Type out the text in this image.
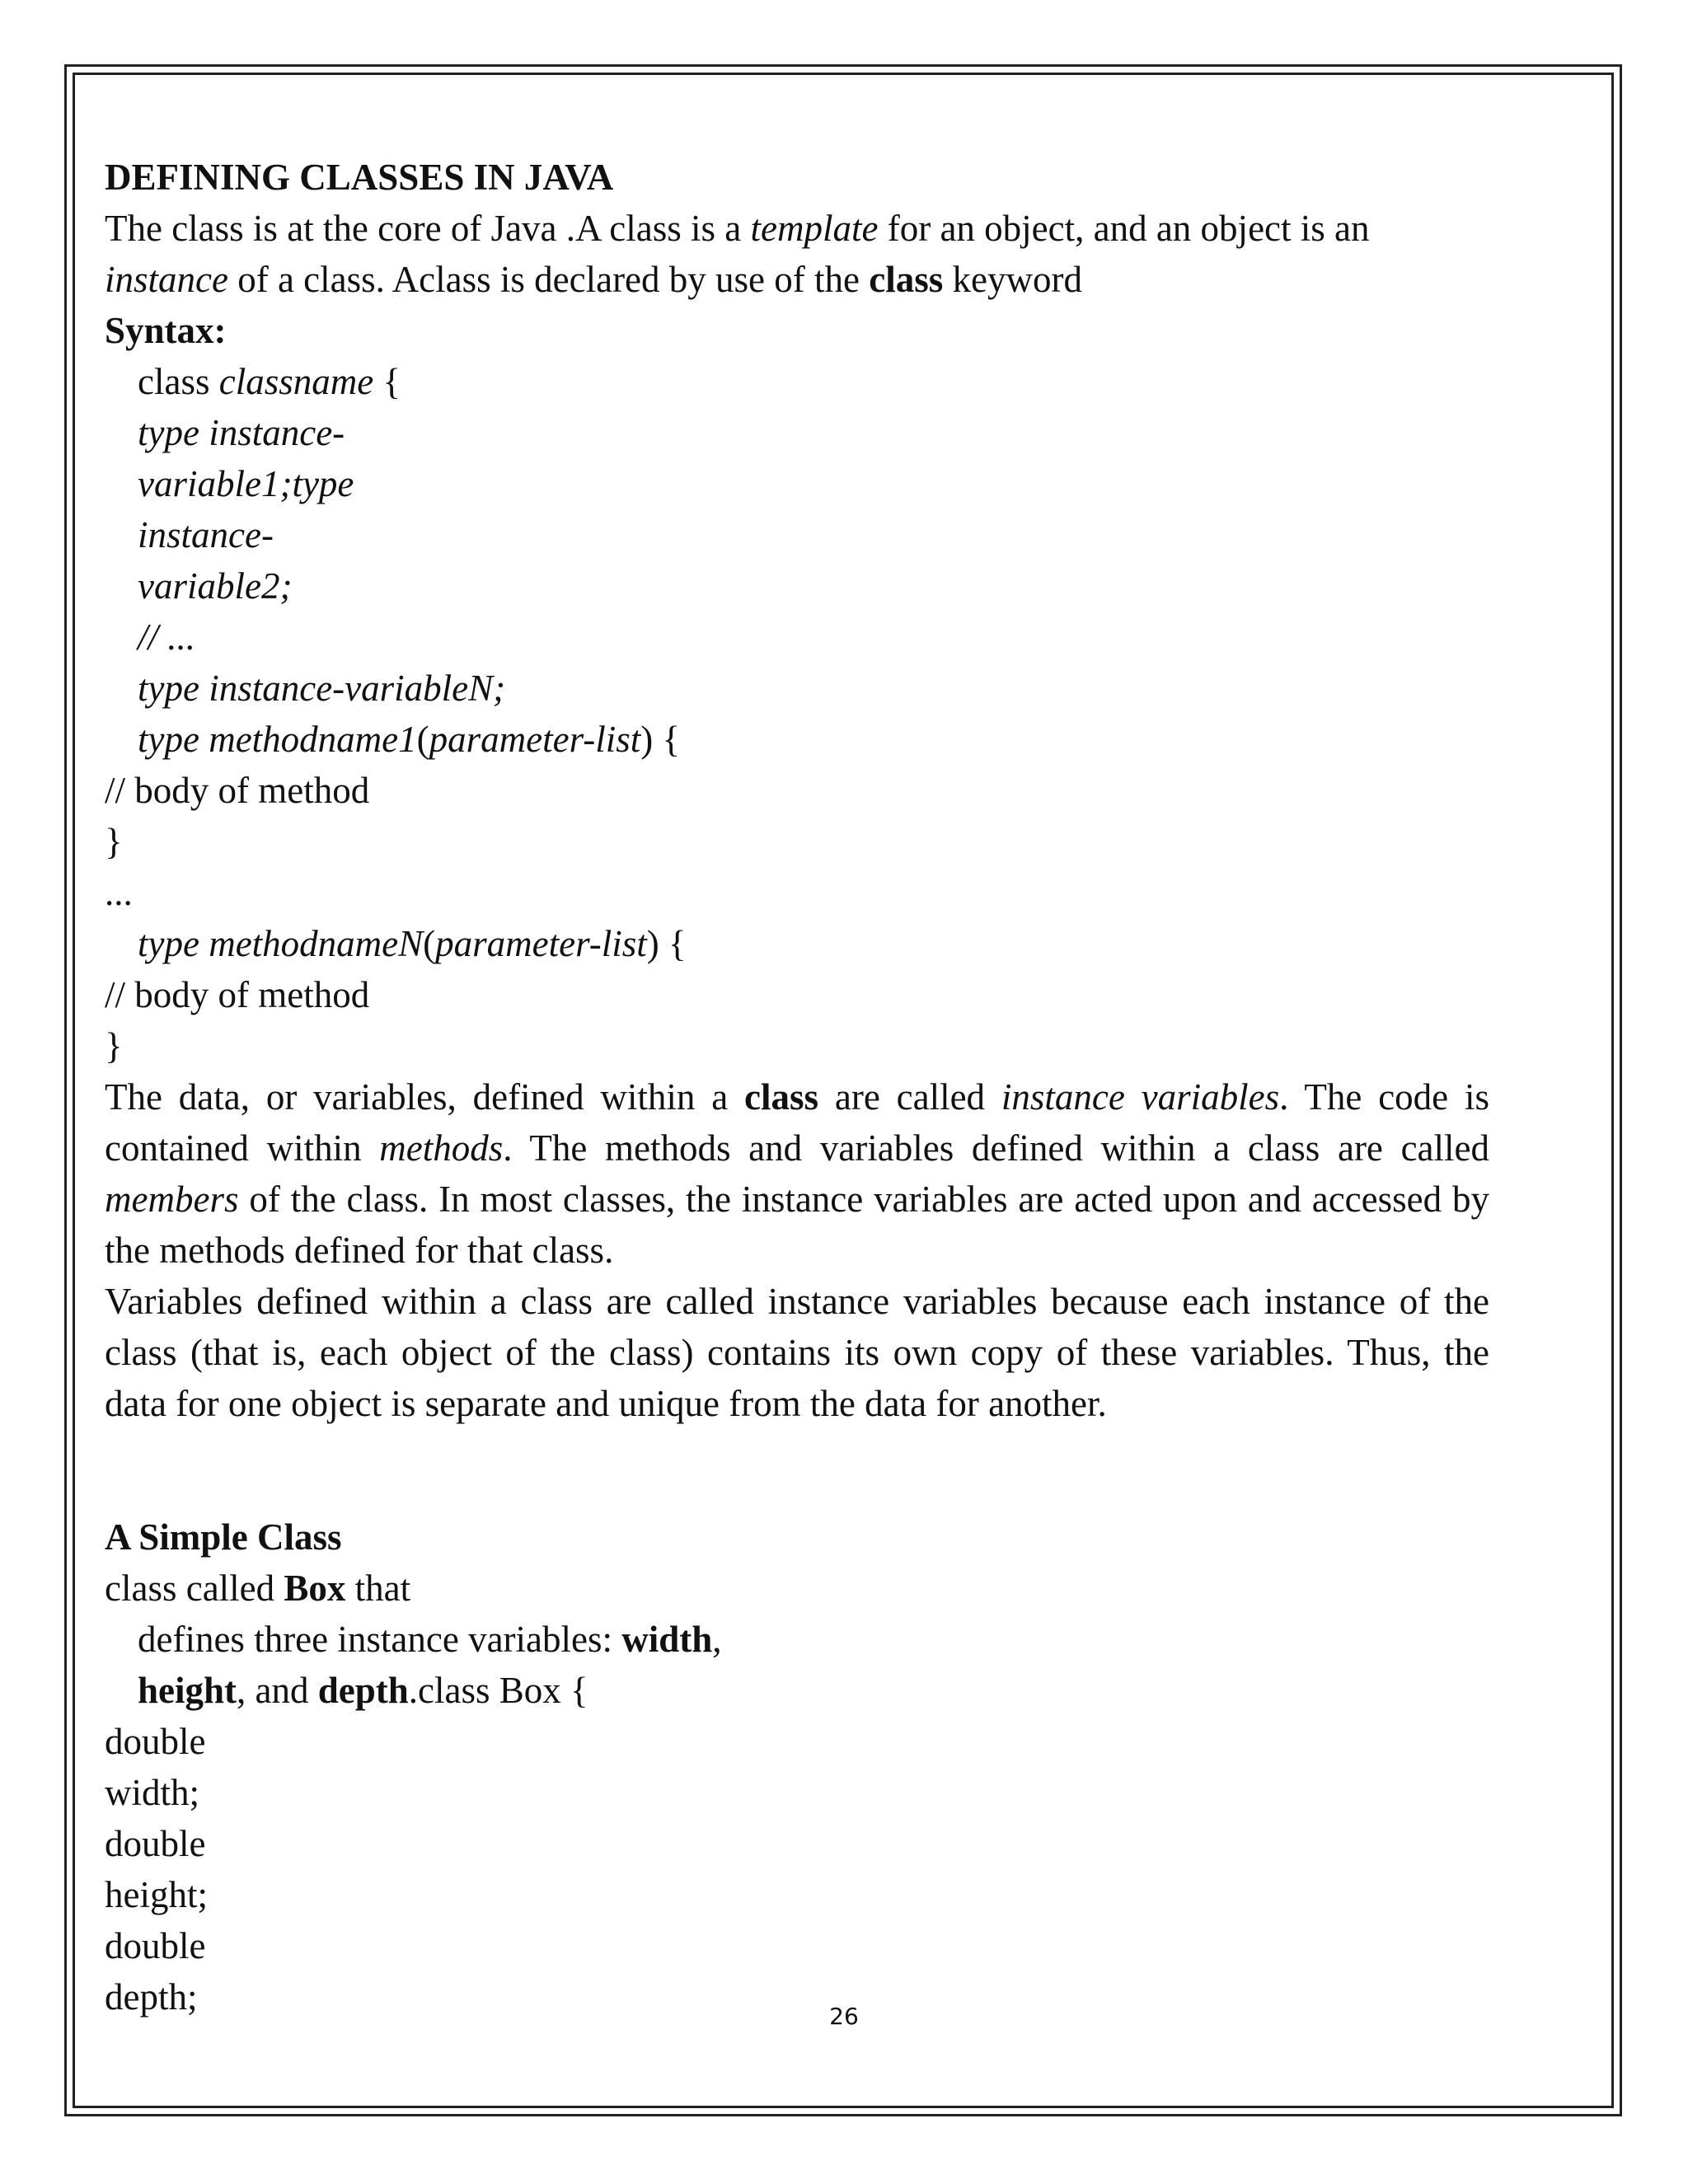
DEFINING CLASSES IN JAVA
The class is at the core of Java .A class is a template for an object, and an object is an
instance of a class. Aclass is declared by use of the class keyword
Syntax:
class classname {
type instance-
variable1;type
instance-
variable2;
// ...
type instance-variableN;
type methodname1(parameter-list) {
// body of method
}
...
type methodnameN(parameter-list) {
// body of method
}
The data, or variables, defined within a class are called instance variables. The code is contained within methods. The methods and variables defined within a class are called members of the class. In most classes, the instance variables are acted upon and accessed by the methods defined for that class.
Variables defined within a class are called instance variables because each instance of the class (that is, each object of the class) contains its own copy of these variables. Thus, the data for one object is separate and unique from the data for another.
A Simple Class
class called Box that
defines three instance variables: width,
height, and depth.class Box {
double
width;
double
height;
double
depth;	26
